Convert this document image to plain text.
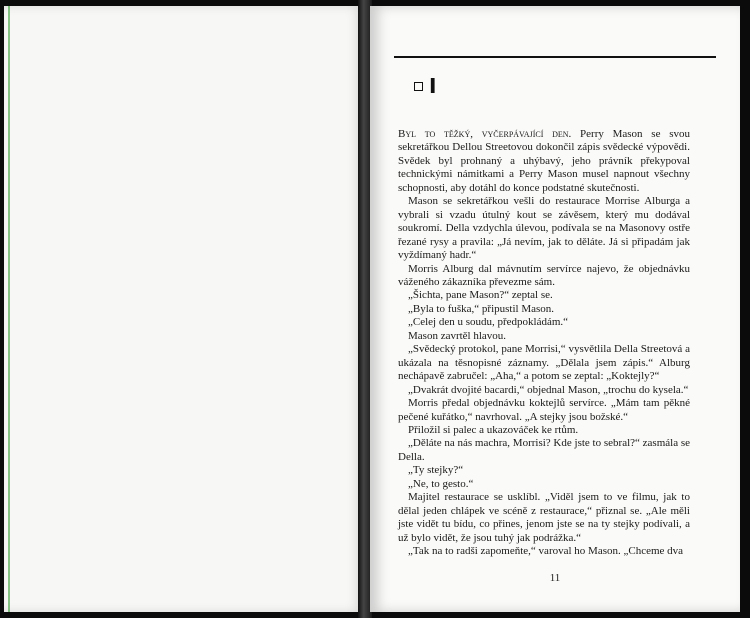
I

Byl to těžký, vyčerpávající den. Perry Mason se svou sekretářkou Dellou Streetovou dokončil zápis svědecké výpovědi. Svědek byl prohnaný a uhýbavý, jeho právník překypoval technickými námitkami a Perry Mason musel napnout všechny schopnosti, aby dotáhl do konce podstatné skutečnosti.

Mason se sekretářkou vešli do restaurace Morrise Alburga a vybrali si vzadu útulný kout se závěsem, který mu dodával soukromí. Della vzdychla úlevou, podívala se na Masonovy ostře řezané rysy a pravila: „Já nevím, jak to děláte. Já si připadám jak vyždímaný hadr.“

Morris Alburg dal mávnutím servírce najevo, že objednávku váženého zákazníka převezme sám.

„Šichta, pane Mason?“ zeptal se.

„Byla to fuška,“ připustil Mason.

„Celej den u soudu, předpokládám.“

Mason zavrtěl hlavou.

„Svědecký protokol, pane Morrisi,“ vysvětlila Della Streetová a ukázala na těsnopisné záznamy. „Dělala jsem zápis.“ Alburg nechápavě zabručel: „Aha,“ a potom se zeptal: „Koktejly?“

„Dvakrát dvojité bacardi,“ objednal Mason, „trochu do kysela.“

Morris předal objednávku koktejlů servírce. „Mám tam pěkné pečené kuřátko,“ navrhoval. „A stejky jsou božské.“

Přiložil si palec a ukazováček ke rtům.

„Děláte na nás machra, Morrisi? Kde jste to sebral?“ zasmála se Della.

„Ty stejky?“

„Ne, to gesto.“

Majitel restaurace se usklíbl. „Viděl jsem to ve filmu, jak to dělal jeden chlápek ve scéně z restaurace,“ přiznal se. „Ale měli jste vidět tu bídu, co přines, jenom jste se na ty stejky podívali, a už bylo vidět, že jsou tuhý jak podrážka.“

„Tak na to radši zapomeňte,“ varoval ho Mason. „Chceme dva

11
